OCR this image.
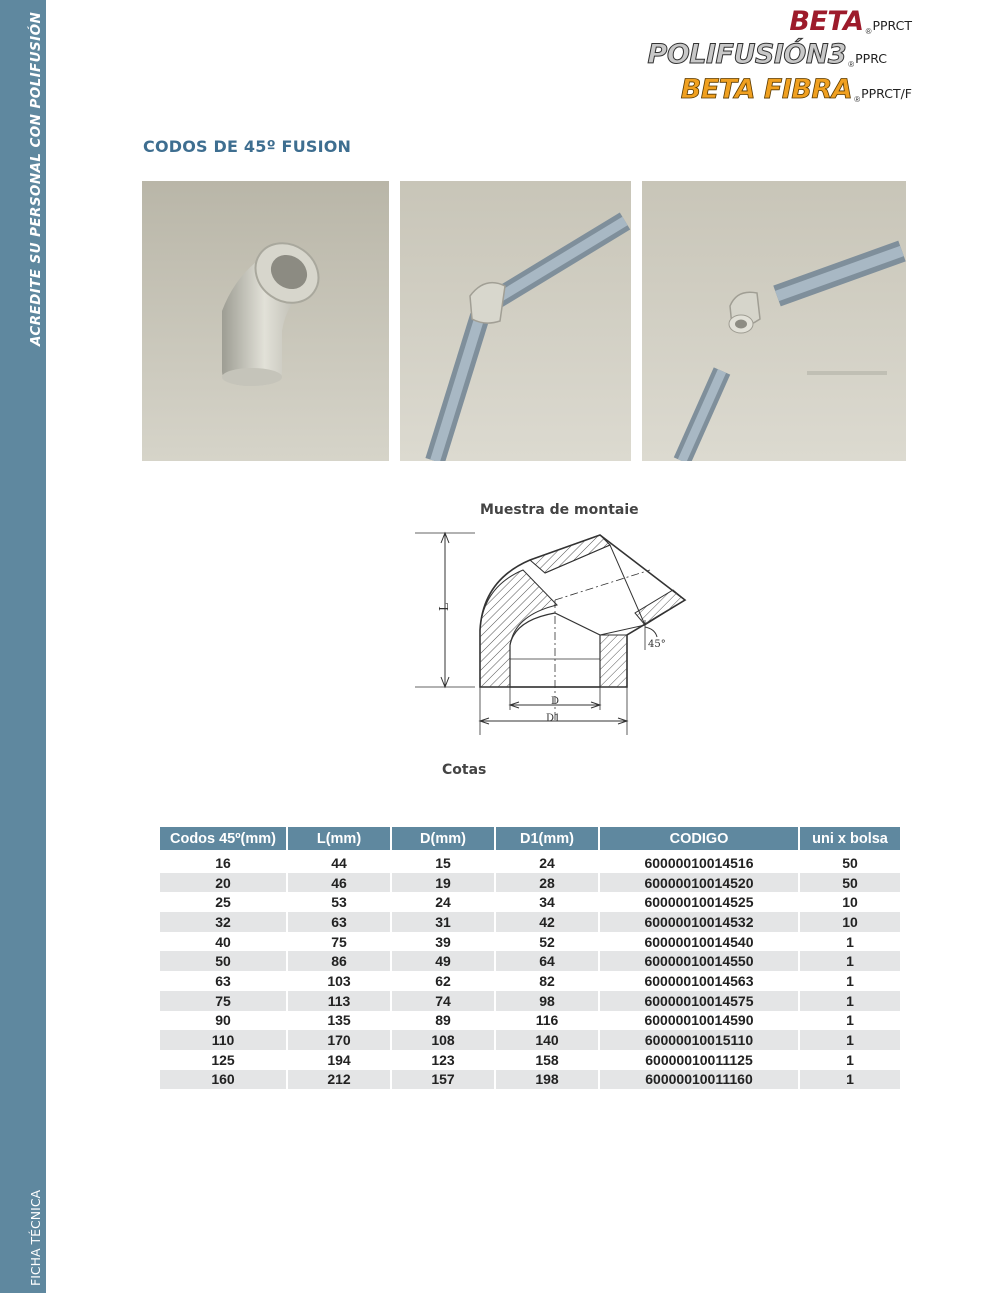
ACREDITE SU PERSONAL CON POLIFUSIÓN
FICHA TÉCNICA
BETA $_®$PPRCT
POLIFUSIÓN3 $_®$PPRC
BETA FIBRA $_®$PPRCT/F
CODOS DE 45º FUSION
Muestra de montaie
45°
L
D
D1
Cotas
Codos 45º(mm)	L(mm)	D(mm)	D1(mm)	CODIGO	uni x bolsa
16	44	15	24	60000010014516	50
20	46	19	28	60000010014520	50
25	53	24	34	60000010014525	10
32	63	31	42	60000010014532	10
40	75	39	52	60000010014540	1
50	86	49	64	60000010014550	1
63	103	62	82	60000010014563	1
75	113	74	98	60000010014575	1
90	135	89	116	60000010014590	1
110	170	108	140	60000010015110	1
125	194	123	158	60000010011125	1
160	212	157	198	60000010011160	1
